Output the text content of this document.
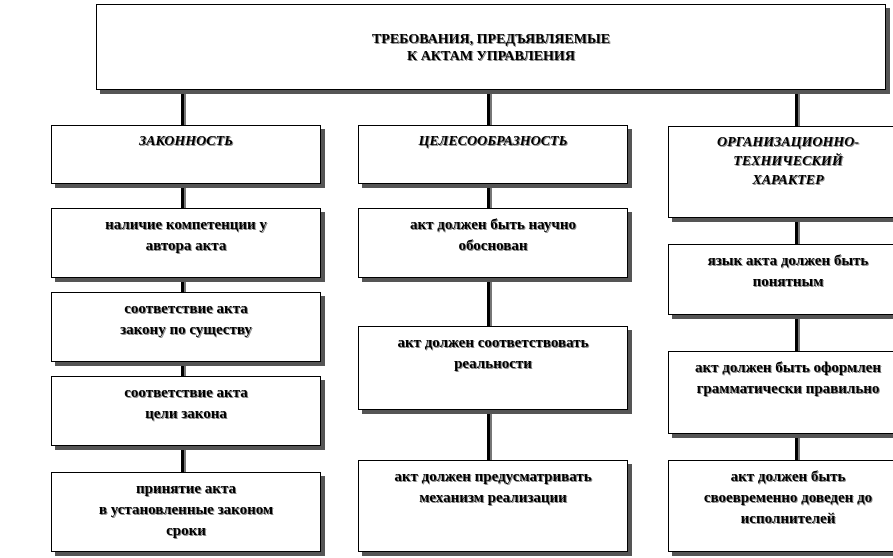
ТРЕБОВАНИЯ, ПРЕДЪЯВЛЯЕМЫЕ
К АКТАМ УПРАВЛЕНИЯ
ЗАКОННОСТЬ
наличие компетенции у
автора акта
соответствие акта
закону по существу
соответствие акта
цели закона
принятие акта
в установленные законом
сроки
ЦЕЛЕСООБРАЗНОСТЬ
акт должен быть научно
обоснован
акт должен соответствовать
реальности
акт должен предусматривать
механизм реализации
ОРГАНИЗАЦИОННО-
ТЕХНИЧЕСКИЙ
ХАРАКТЕР
язык акта должен быть
понятным
акт должен быть оформлен
грамматически правильно
акт должен быть
своевременно доведен до
исполнителей
